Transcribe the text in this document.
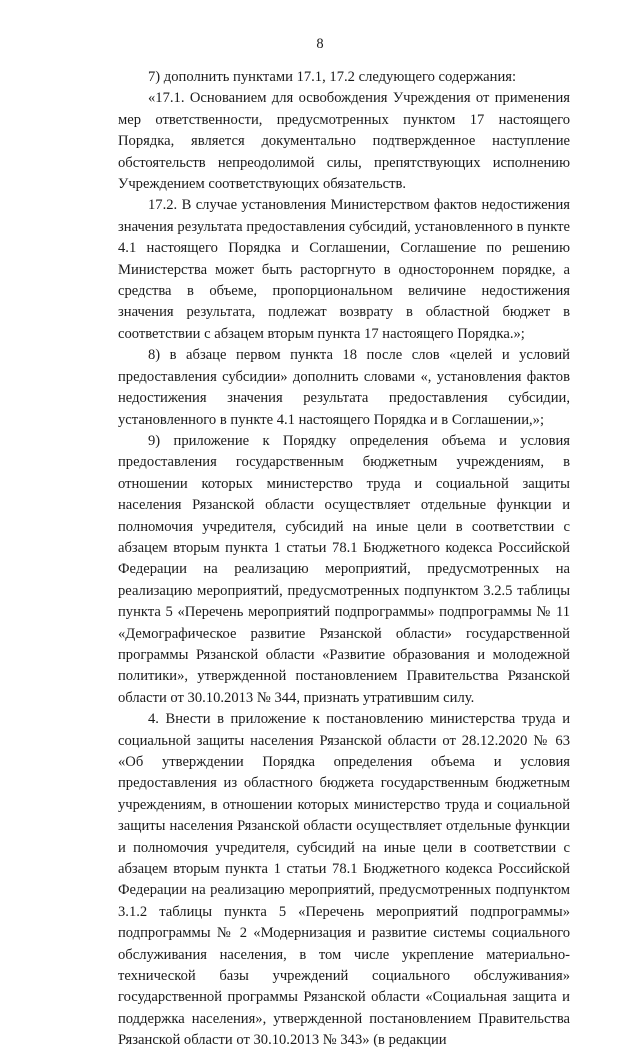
8

7) дополнить пунктами 17.1, 17.2 следующего содержания:

«17.1. Основанием для освобождения Учреждения от применения мер ответственности, предусмотренных пунктом 17 настоящего Порядка, является документально подтвержденное наступление обстоятельств непреодолимой силы, препятствующих исполнению Учреждением соответствующих обязательств.

17.2. В случае установления Министерством фактов недостижения значения результата предоставления субсидий, установленного в пункте 4.1 настоящего Порядка и Соглашении, Соглашение по решению Министерства может быть расторгнуто в одностороннем порядке, а средства в объеме, пропорциональном величине недостижения значения результата, подлежат возврату в областной бюджет в соответствии с абзацем вторым пункта 17 настоящего Порядка.»;

8) в абзаце первом пункта 18 после слов «целей и условий предоставления субсидии» дополнить словами «, установления фактов недостижения значения результата предоставления субсидии, установленного в пункте 4.1 настоящего Порядка и в Соглашении,»;

9) приложение к Порядку определения объема и условия предоставления государственным бюджетным учреждениям, в отношении которых министерство труда и социальной защиты населения Рязанской области осуществляет отдельные функции и полномочия учредителя, субсидий на иные цели в соответствии с абзацем вторым пункта 1 статьи 78.1 Бюджетного кодекса Российской Федерации на реализацию мероприятий, предусмотренных на реализацию мероприятий, предусмотренных подпунктом 3.2.5 таблицы пункта 5 «Перечень мероприятий подпрограммы» подпрограммы № 11 «Демографическое развитие Рязанской области» государственной программы Рязанской области «Развитие образования и молодежной политики», утвержденной постановлением Правительства Рязанской области от 30.10.2013 № 344, признать утратившим силу.

4. Внести в приложение к постановлению министерства труда и социальной защиты населения Рязанской области от 28.12.2020 № 63 «Об утверждении Порядка определения объема и условия предоставления из областного бюджета государственным бюджетным учреждениям, в отношении которых министерство труда и социальной защиты населения Рязанской области осуществляет отдельные функции и полномочия учредителя, субсидий на иные цели в соответствии с абзацем вторым пункта 1 статьи 78.1 Бюджетного кодекса Российской Федерации на реализацию мероприятий, предусмотренных подпунктом 3.1.2 таблицы пункта 5 «Перечень мероприятий подпрограммы» подпрограммы № 2 «Модернизация и развитие системы социального обслуживания населения, в том числе укрепление материально-технической базы учреждений социального обслуживания» государственной программы Рязанской области «Социальная защита и поддержка населения», утвержденной постановлением Правительства Рязанской области от 30.10.2013 № 343» (в редакции
